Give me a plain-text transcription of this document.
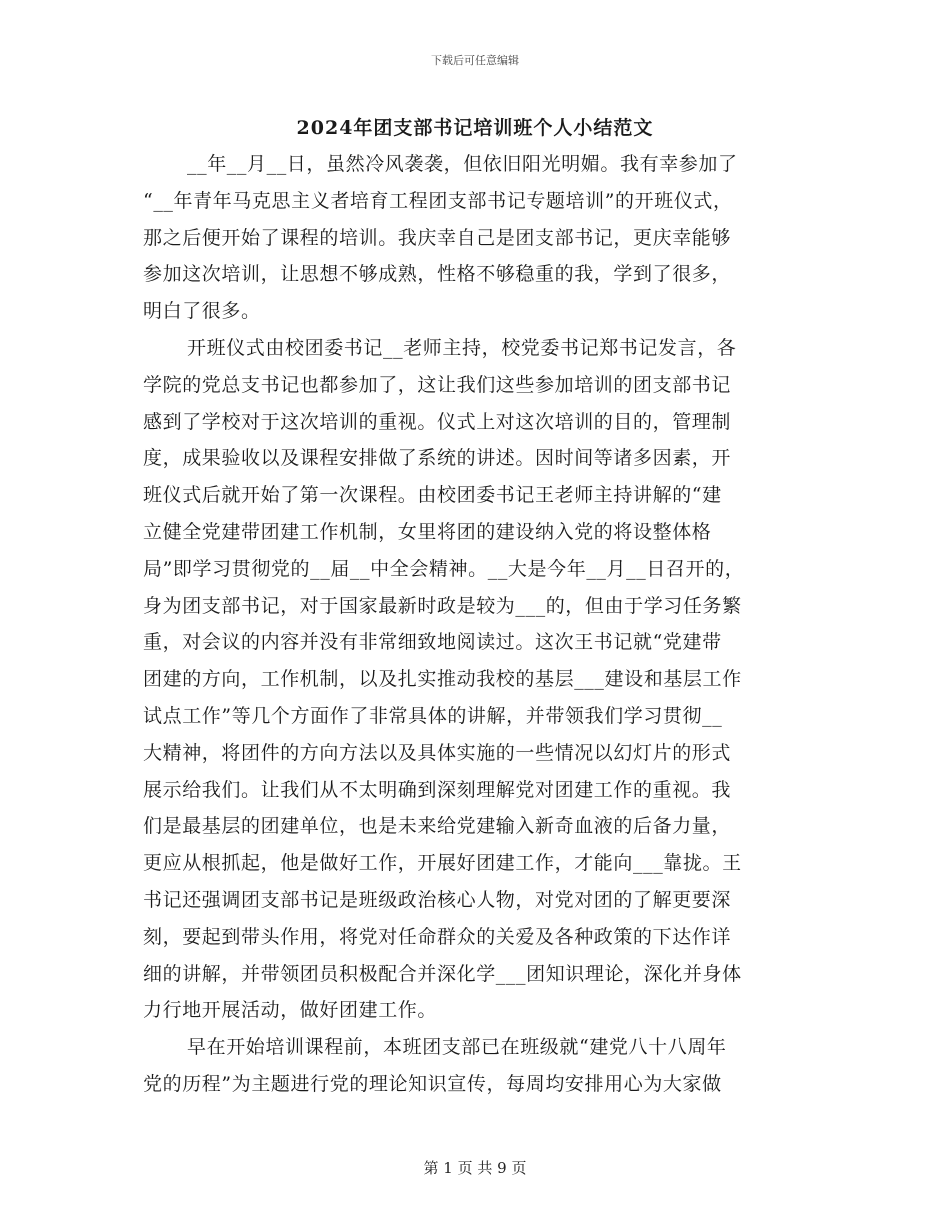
下载后可任意编辑
2024年团支部书记培训班个人小结范文
__年__月__日，虽然冷风袭袭，但依旧阳光明媚。我有幸参加了
“__年青年马克思主义者培育工程团支部书记专题培训”的开班仪式，
那之后便开始了课程的培训。我庆幸自己是团支部书记，更庆幸能够
参加这次培训，让思想不够成熟，性格不够稳重的我，学到了很多，
明白了很多。
开班仪式由校团委书记__老师主持，校党委书记郑书记发言，各
学院的党总支书记也都参加了，这让我们这些参加培训的团支部书记
感到了学校对于这次培训的重视。仪式上对这次培训的目的，管理制
度，成果验收以及课程安排做了系统的讲述。因时间等诸多因素，开
班仪式后就开始了第一次课程。由校团委书记王老师主持讲解的“建
立健全党建带团建工作机制，女里将团的建设纳入党的将设整体格
局”即学习贯彻党的__届__中全会精神。__大是今年__月__日召开的，
身为团支部书记，对于国家最新时政是较为___的，但由于学习任务繁
重，对会议的内容并没有非常细致地阅读过。这次王书记就“党建带
团建的方向，工作机制，以及扎实推动我校的基层___建设和基层工作
试点工作”等几个方面作了非常具体的讲解，并带领我们学习贯彻__
大精神，将团件的方向方法以及具体实施的一些情况以幻灯片的形式
展示给我们。让我们从不太明确到深刻理解党对团建工作的重视。我
们是最基层的团建单位，也是未来给党建输入新奇血液的后备力量，
更应从根抓起，他是做好工作，开展好团建工作，才能向___靠拢。王
书记还强调团支部书记是班级政治核心人物，对党对团的了解更要深
刻，要起到带头作用，将党对任命群众的关爱及各种政策的下达作详
细的讲解，并带领团员积极配合并深化学___团知识理论，深化并身体
力行地开展活动，做好团建工作。
早在开始培训课程前，本班团支部已在班级就“建党八十八周年
党的历程”为主题进行党的理论知识宣传，每周均安排用心为大家做
第 1 页 共 9 页
